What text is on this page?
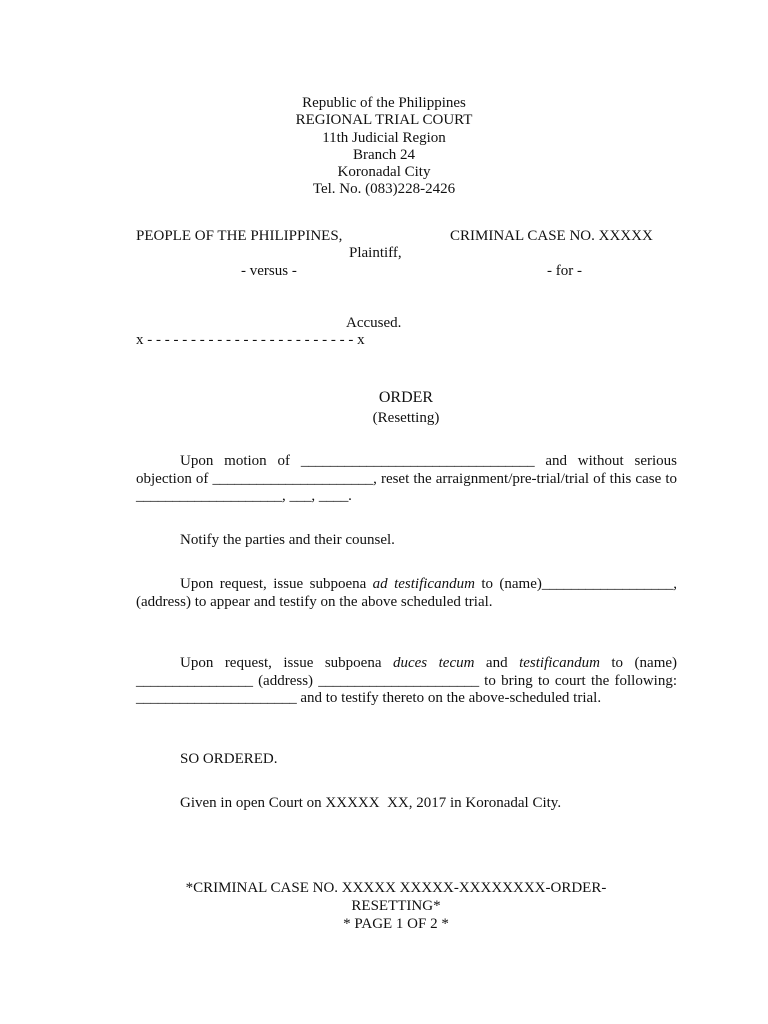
Republic of the Philippines
REGIONAL TRIAL COURT
11th Judicial Region
Branch 24
Koronadal City
Tel. No. (083)228-2426
PEOPLE OF THE PHILIPPINES,
Plaintiff,
- versus -
Accused.
x - - - - - - - - - - - - - - - - - - - - - - - - x
CRIMINAL CASE NO. XXXXX
- for -
ORDER
(Resetting)

Upon motion of ________________________________ and without serious objection of ______________________, reset the arraignment/pre-trial/trial of this case to ____________________, ___, ____.

Notify the parties and their counsel.

Upon request, issue subpoena ad testificandum to (name)__________________, (address) to appear and testify on the above scheduled trial.

Upon request, issue subpoena duces tecum and testificandum to (name) ________________ (address) ______________________ to bring to court the following: ______________________ and to testify thereto on the above-scheduled trial.

SO ORDERED.

Given in open Court on XXXXX  XX, 2017 in Koronadal City.

*CRIMINAL CASE NO. XXXXX XXXXX-XXXXXXXX-ORDER-
RESETTING*
* PAGE 1 OF 2 *
